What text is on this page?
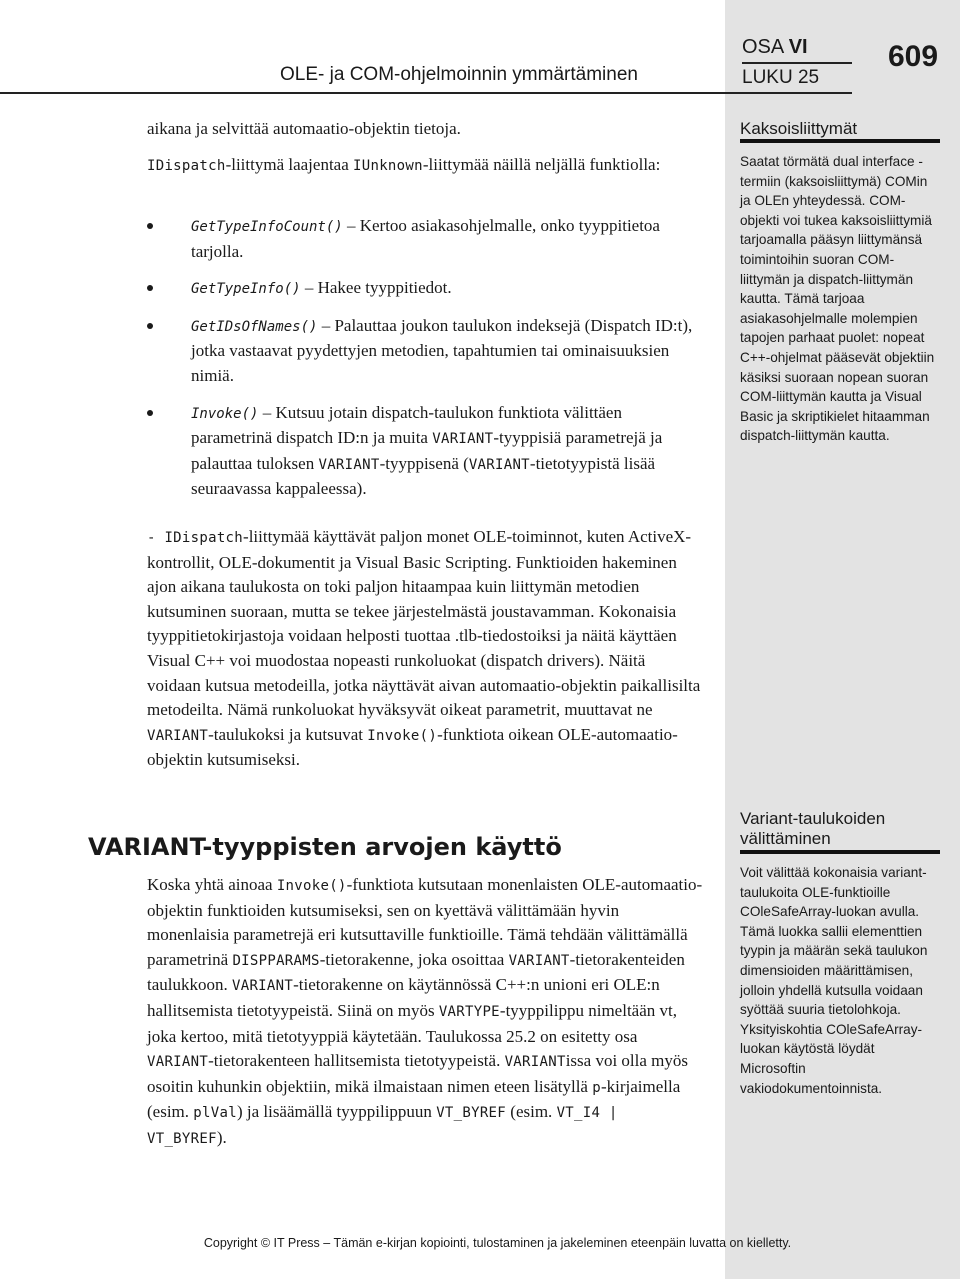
OLE- ja COM-ohjelmoinnin ymmärtäminen
OSA VI
LUKU 25
609
aikana ja selvittää automaatio-objektin tietoja.
IDispatch-liittymä laajentaa IUnknown-liittymää näillä neljällä funktiolla:
GetTypeInfoCount() – Kertoo asiakasohjelmalle, onko tyyppitietoa tarjolla.
GetTypeInfo() – Hakee tyyppitiedot.
GetIDsOfNames() – Palauttaa joukon taulukon indeksejä (Dispatch ID:t), jotka vastaavat pyydettyjen metodien, tapahtumien tai ominaisuuksien nimiä.
Invoke() – Kutsuu jotain dispatch-taulukon funktiota välittäen parametrinä dispatch ID:n ja muita VARIANT-tyyppisiä parametrejä ja palauttaa tuloksen VARIANT-tyyppisenä (VARIANT-tietotyypistä lisää seuraavassa kappaleessa).
- IDispatch-liittymää käyttävät paljon monet OLE-toiminnot, kuten ActiveX-kontrollit, OLE-dokumentit ja Visual Basic Scripting. Funktioiden hakeminen ajon aikana taulukosta on toki paljon hitaampaa kuin liittymän metodien kutsuminen suoraan, mutta se tekee järjestelmästä joustavamman. Kokonaisia tyyppitietokirjastoja voidaan helposti tuottaa .tlb-tiedostoiksi ja näitä käyttäen Visual C++ voi muodostaa nopeasti runkoluokat (dispatch drivers). Näitä voidaan kutsua metodeilla, jotka näyttävät aivan automaatio-objektin paikallisilta metodeilta. Nämä runkoluokat hyväksyvät oikeat parametrit, muuttavat ne VARIANT-taulukoksi ja kutsuvat Invoke()-funktiota oikean OLE-automaatio-objektin kutsumiseksi.
VARIANT-tyyppisten arvojen käyttö
Koska yhtä ainoaa Invoke()-funktiota kutsutaan monenlaisten OLE-automaatio-objektin funktioiden kutsumiseksi, sen on kyettävä välittämään hyvin monenlaisia parametrejä eri kutsuttaville funktioille. Tämä tehdään välittämällä parametrinä DISPPARAMS-tietorakenne, joka osoittaa VARIANT-tietorakenteiden taulukkoon. VARIANT-tietorakenne on käytännössä C++:n unioni eri OLE:n hallitsemista tietotyypeistä. Siinä on myös VARTYPE-tyyppilippu nimeltään vt, joka kertoo, mitä tietotyyppiä käytetään. Taulukossa 25.2 on esitetty osa VARIANT-tietorakenteen hallitsemista tietotyypeistä. VARIANTissa voi olla myös osoitin kuhunkin objektiin, mikä ilmaistaan nimen eteen lisätyllä p-kirjaimella (esim. plVal) ja lisäämällä tyyppilippuun VT_BYREF (esim. VT_I4 | VT_BYREF).
Kaksoisliittymät
Saatat törmätä dual interface -termiin (kaksoisliittymä) COMin ja OLEn yhteydessä. COM-objekti voi tukea kaksoisliittymiä tarjoamalla pääsyn liittymänsä toimintoihin suoran COM-liittymän ja dispatch-liittymän kautta. Tämä tarjoaa asiakasohjelmalle molempien tapojen parhaat puolet: nopeat C++-ohjelmat pääsevät objektiin käsiksi suoraan nopean suoran COM-liittymän kautta ja Visual Basic ja skriptikielet hitaamman dispatch-liittymän kautta.
Variant-taulukoiden välittäminen
Voit välittää kokonaisia variant-taulukoita OLE-funktioille COleSafeArray-luokan avulla. Tämä luokka sallii elementtien tyypin ja määrän sekä taulukon dimensioiden määrittämisen, jolloin yhdellä kutsulla voidaan syöttää suuria tietolohkoja. Yksityiskohtia COleSafeArray-luokan käytöstä löydät Microsoftin vakiodokumentoinnista.
Copyright © IT Press – Tämän e-kirjan kopiointi, tulostaminen ja jakeleminen eteenpäin luvatta on kielletty.
